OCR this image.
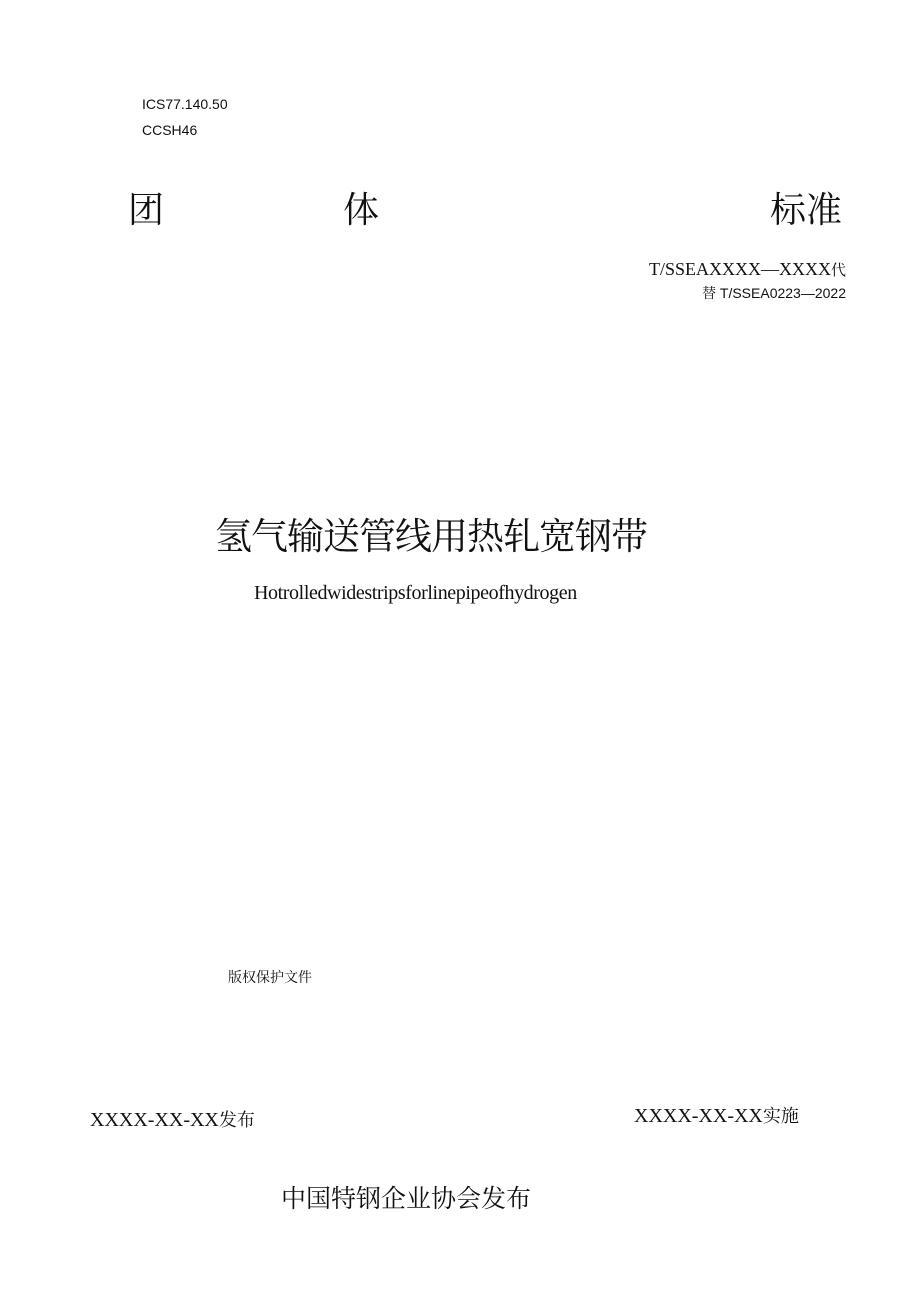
ICS77.140.50
CCSH46
团	体	标准
T/SSEAXXXX—XXXX代
替 T/SSEA0223—2022
氢气输送管线用热轧宽钢带
Hotrolledwidestripsforlinepipeofhydrogen
版权保护文件
XXXX-XX-XX发布	XXXX-XX-XX实施
中国特钢企业协会发布
